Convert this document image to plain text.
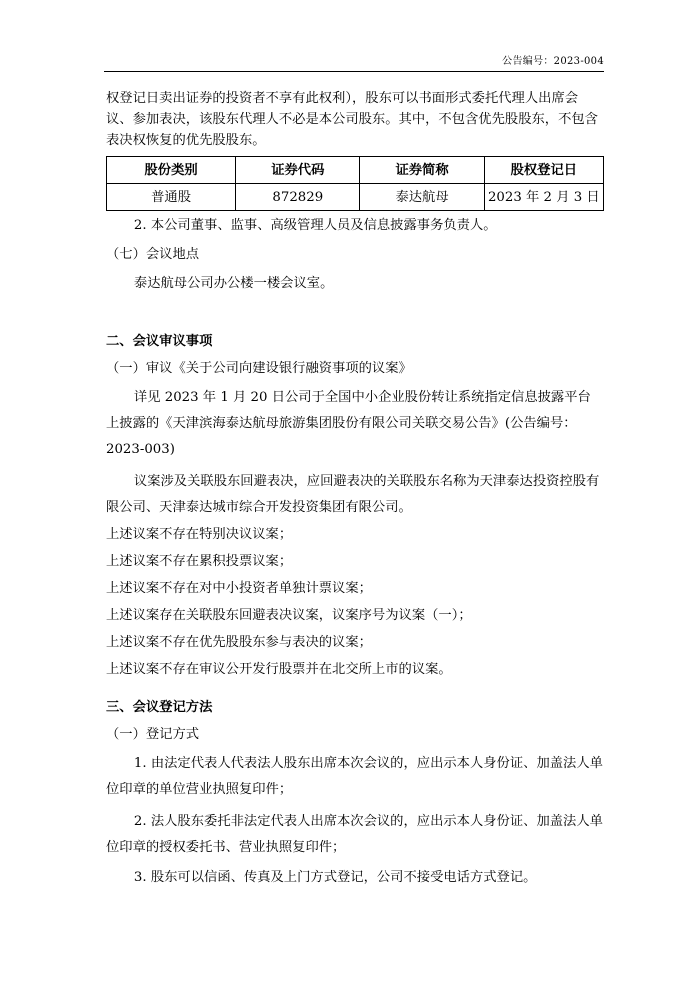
公告编号：2023-004

权登记日卖出证券的投资者不享有此权利），股东可以书面形式委托代理人出席会议、参加表决，该股东代理人不必是本公司股东。其中，不包含优先股股东，不包含表决权恢复的优先股股东。

股份类别	证券代码	证券简称	股权登记日
普通股	872829	泰达航母	2023 年 2 月 3 日

2. 本公司董事、监事、高级管理人员及信息披露事务负责人。

（七）会议地点

泰达航母公司办公楼一楼会议室。

二、会议审议事项

（一）审议《关于公司向建设银行融资事项的议案》

详见 2023 年 1 月 20 日公司于全国中小企业股份转让系统指定信息披露平台上披露的《天津滨海泰达航母旅游集团股份有限公司关联交易公告》(公告编号：2023-003)

议案涉及关联股东回避表决，应回避表决的关联股东名称为天津泰达投资控股有限公司、天津泰达城市综合开发投资集团有限公司。

上述议案不存在特别决议议案；

上述议案不存在累积投票议案；

上述议案不存在对中小投资者单独计票议案；

上述议案存在关联股东回避表决议案，议案序号为议案（一）；

上述议案不存在优先股股东参与表决的议案；

上述议案不存在审议公开发行股票并在北交所上市的议案。

三、会议登记方法

（一）登记方式

1. 由法定代表人代表法人股东出席本次会议的，应出示本人身份证、加盖法人单位印章的单位营业执照复印件；

2. 法人股东委托非法定代表人出席本次会议的，应出示本人身份证、加盖法人单位印章的授权委托书、营业执照复印件；

3. 股东可以信函、传真及上门方式登记，公司不接受电话方式登记。
